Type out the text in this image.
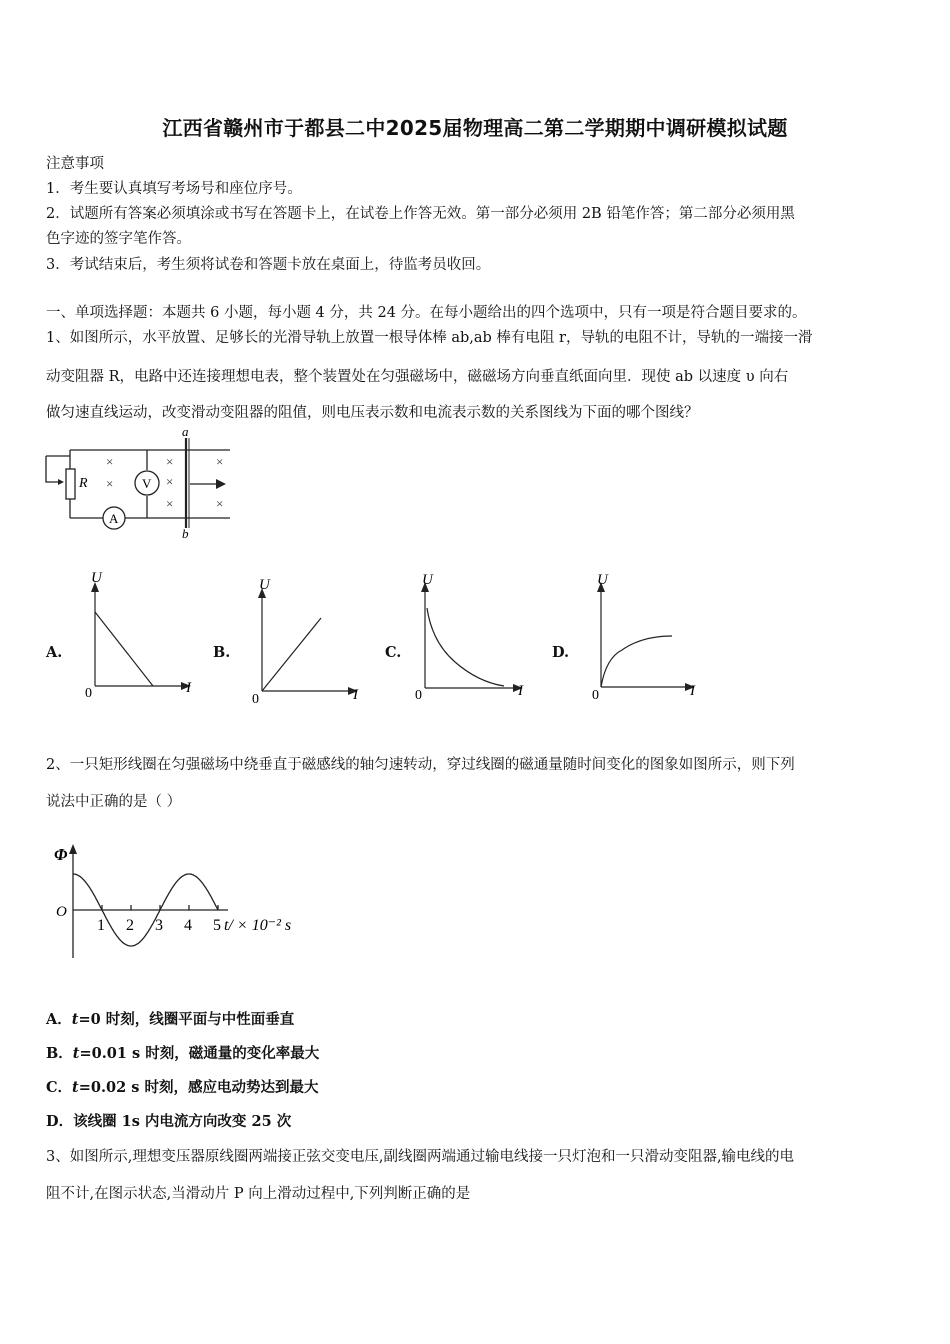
江西省赣州市于都县二中2025届物理高二第二学期期中调研模拟试题
注意事项
1．考生要认真填写考场号和座位序号。
2．试题所有答案必须填涂或书写在答题卡上，在试卷上作答无效。第一部分必须用 2B 铅笔作答；第二部分必须用黑
色字迹的签字笔作答。
3．考试结束后，考生须将试卷和答题卡放在桌面上，待监考员收回。
一、单项选择题：本题共 6 小题，每小题 4 分，共 24 分。在每小题给出的四个选项中，只有一项是符合题目要求的。
1、如图所示，水平放置、足够长的光滑导轨上放置一根导体棒 ab,ab 棒有电阻 r，导轨的电阻不计，导轨的一端接一滑
动变阻器 R，电路中还连接理想电表，整个装置处在匀强磁场中，磁磁场方向垂直纸面向里．现使 ab 以速度 υ 向右
做匀速直线运动，改变滑动变阻器的阻值，则电压表示数和电流表示数的关系图线为下面的哪个图线？
R	V
A
a
b
×
×
×
×
×
×
×
A.
U
I
0
B.
U
I
0
C.
U
I
0
D.
U
I
0
2、一只矩形线圈在匀强磁场中绕垂直于磁感线的轴匀速转动，穿过线圈的磁通量随时间变化的图象如图所示，则下列
说法中正确的是（ ）
Φ
O
1 2 3 4 5 t/ × 10⁻² s
A．t=0 时刻，线圈平面与中性面垂直
B．t=0.01 s 时刻，磁通量的变化率最大
C．t=0.02 s 时刻，感应电动势达到最大
D．该线圈 1s 内电流方向改变 25 次
3、如图所示,理想变压器原线圈两端接正弦交变电压,副线圈两端通过输电线接一只灯泡和一只滑动变阻器,输电线的电
阻不计,在图示状态,当滑动片 P 向上滑动过程中,下列判断正确的是
